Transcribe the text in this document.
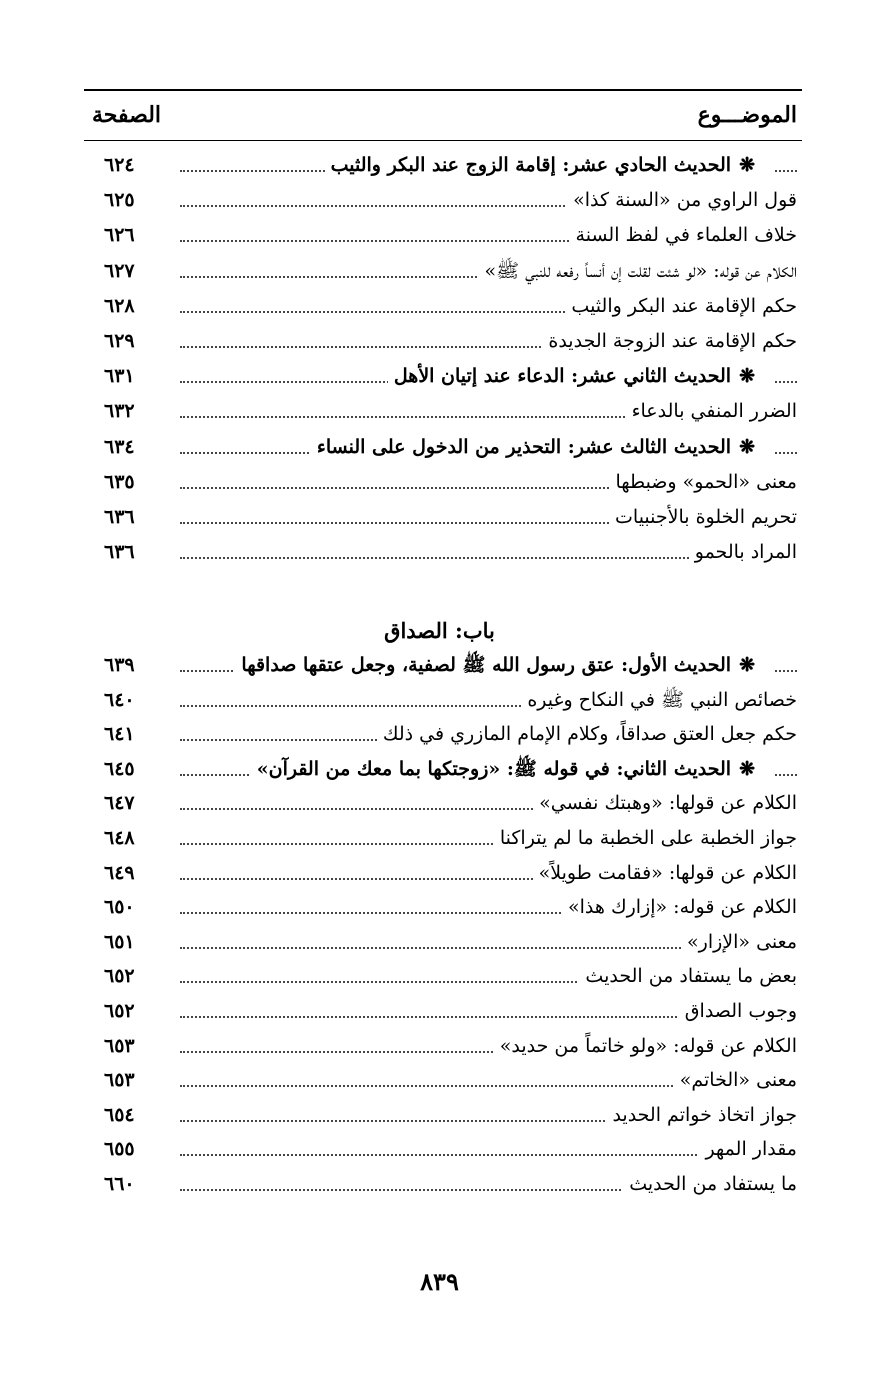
الموضـــوع
الصفحة
❋الحديث الحادي عشر: إقامة الزوج عند البكر والثيب
٦٢٤
قول الراوي من «السنة كذا»
٦٢٥
خلاف العلماء في لفظ السنة
٦٢٦
الكلام عن قوله: «لو شئت لقلت إن أنساً رفعه للنبي ﷺ»
٦٢٧
حكم الإقامة عند البكر والثيب
٦٢٨
حكم الإقامة عند الزوجة الجديدة
٦٢٩
❋الحديث الثاني عشر: الدعاء عند إتيان الأهل
٦٣١
الضرر المنفي بالدعاء
٦٣٢
❋الحديث الثالث عشر: التحذير من الدخول على النساء
٦٣٤
معنى «الحمو» وضبطها
٦٣٥
تحريم الخلوة بالأجنبيات
٦٣٦
المراد بالحمو
٦٣٦
باب: الصداق
❋الحديث الأول: عتق رسول الله ﷺ لصفية، وجعل عتقها صداقها
٦٣٩
خصائص النبي ﷺ في النكاح وغيره
٦٤٠
حكم جعل العتق صداقاً، وكلام الإمام المازري في ذلك
٦٤١
❋الحديث الثاني: في قوله ﷺ: «زوجتكها بما معك من القرآن»
٦٤٥
الكلام عن قولها: «وهبتك نفسي»
٦٤٧
جواز الخطبة على الخطبة ما لم يتراكنا
٦٤٨
الكلام عن قولها: «فقامت طويلاً»
٦٤٩
الكلام عن قوله: «إزارك هذا»
٦٥٠
معنى «الإزار»
٦٥١
بعض ما يستفاد من الحديث
٦٥٢
وجوب الصداق
٦٥٢
الكلام عن قوله: «ولو خاتماً من حديد»
٦٥٣
معنى «الخاتم»
٦٥٣
جواز اتخاذ خواتم الحديد
٦٥٤
مقدار المهر
٦٥٥
ما يستفاد من الحديث
٦٦٠
٨٣٩
